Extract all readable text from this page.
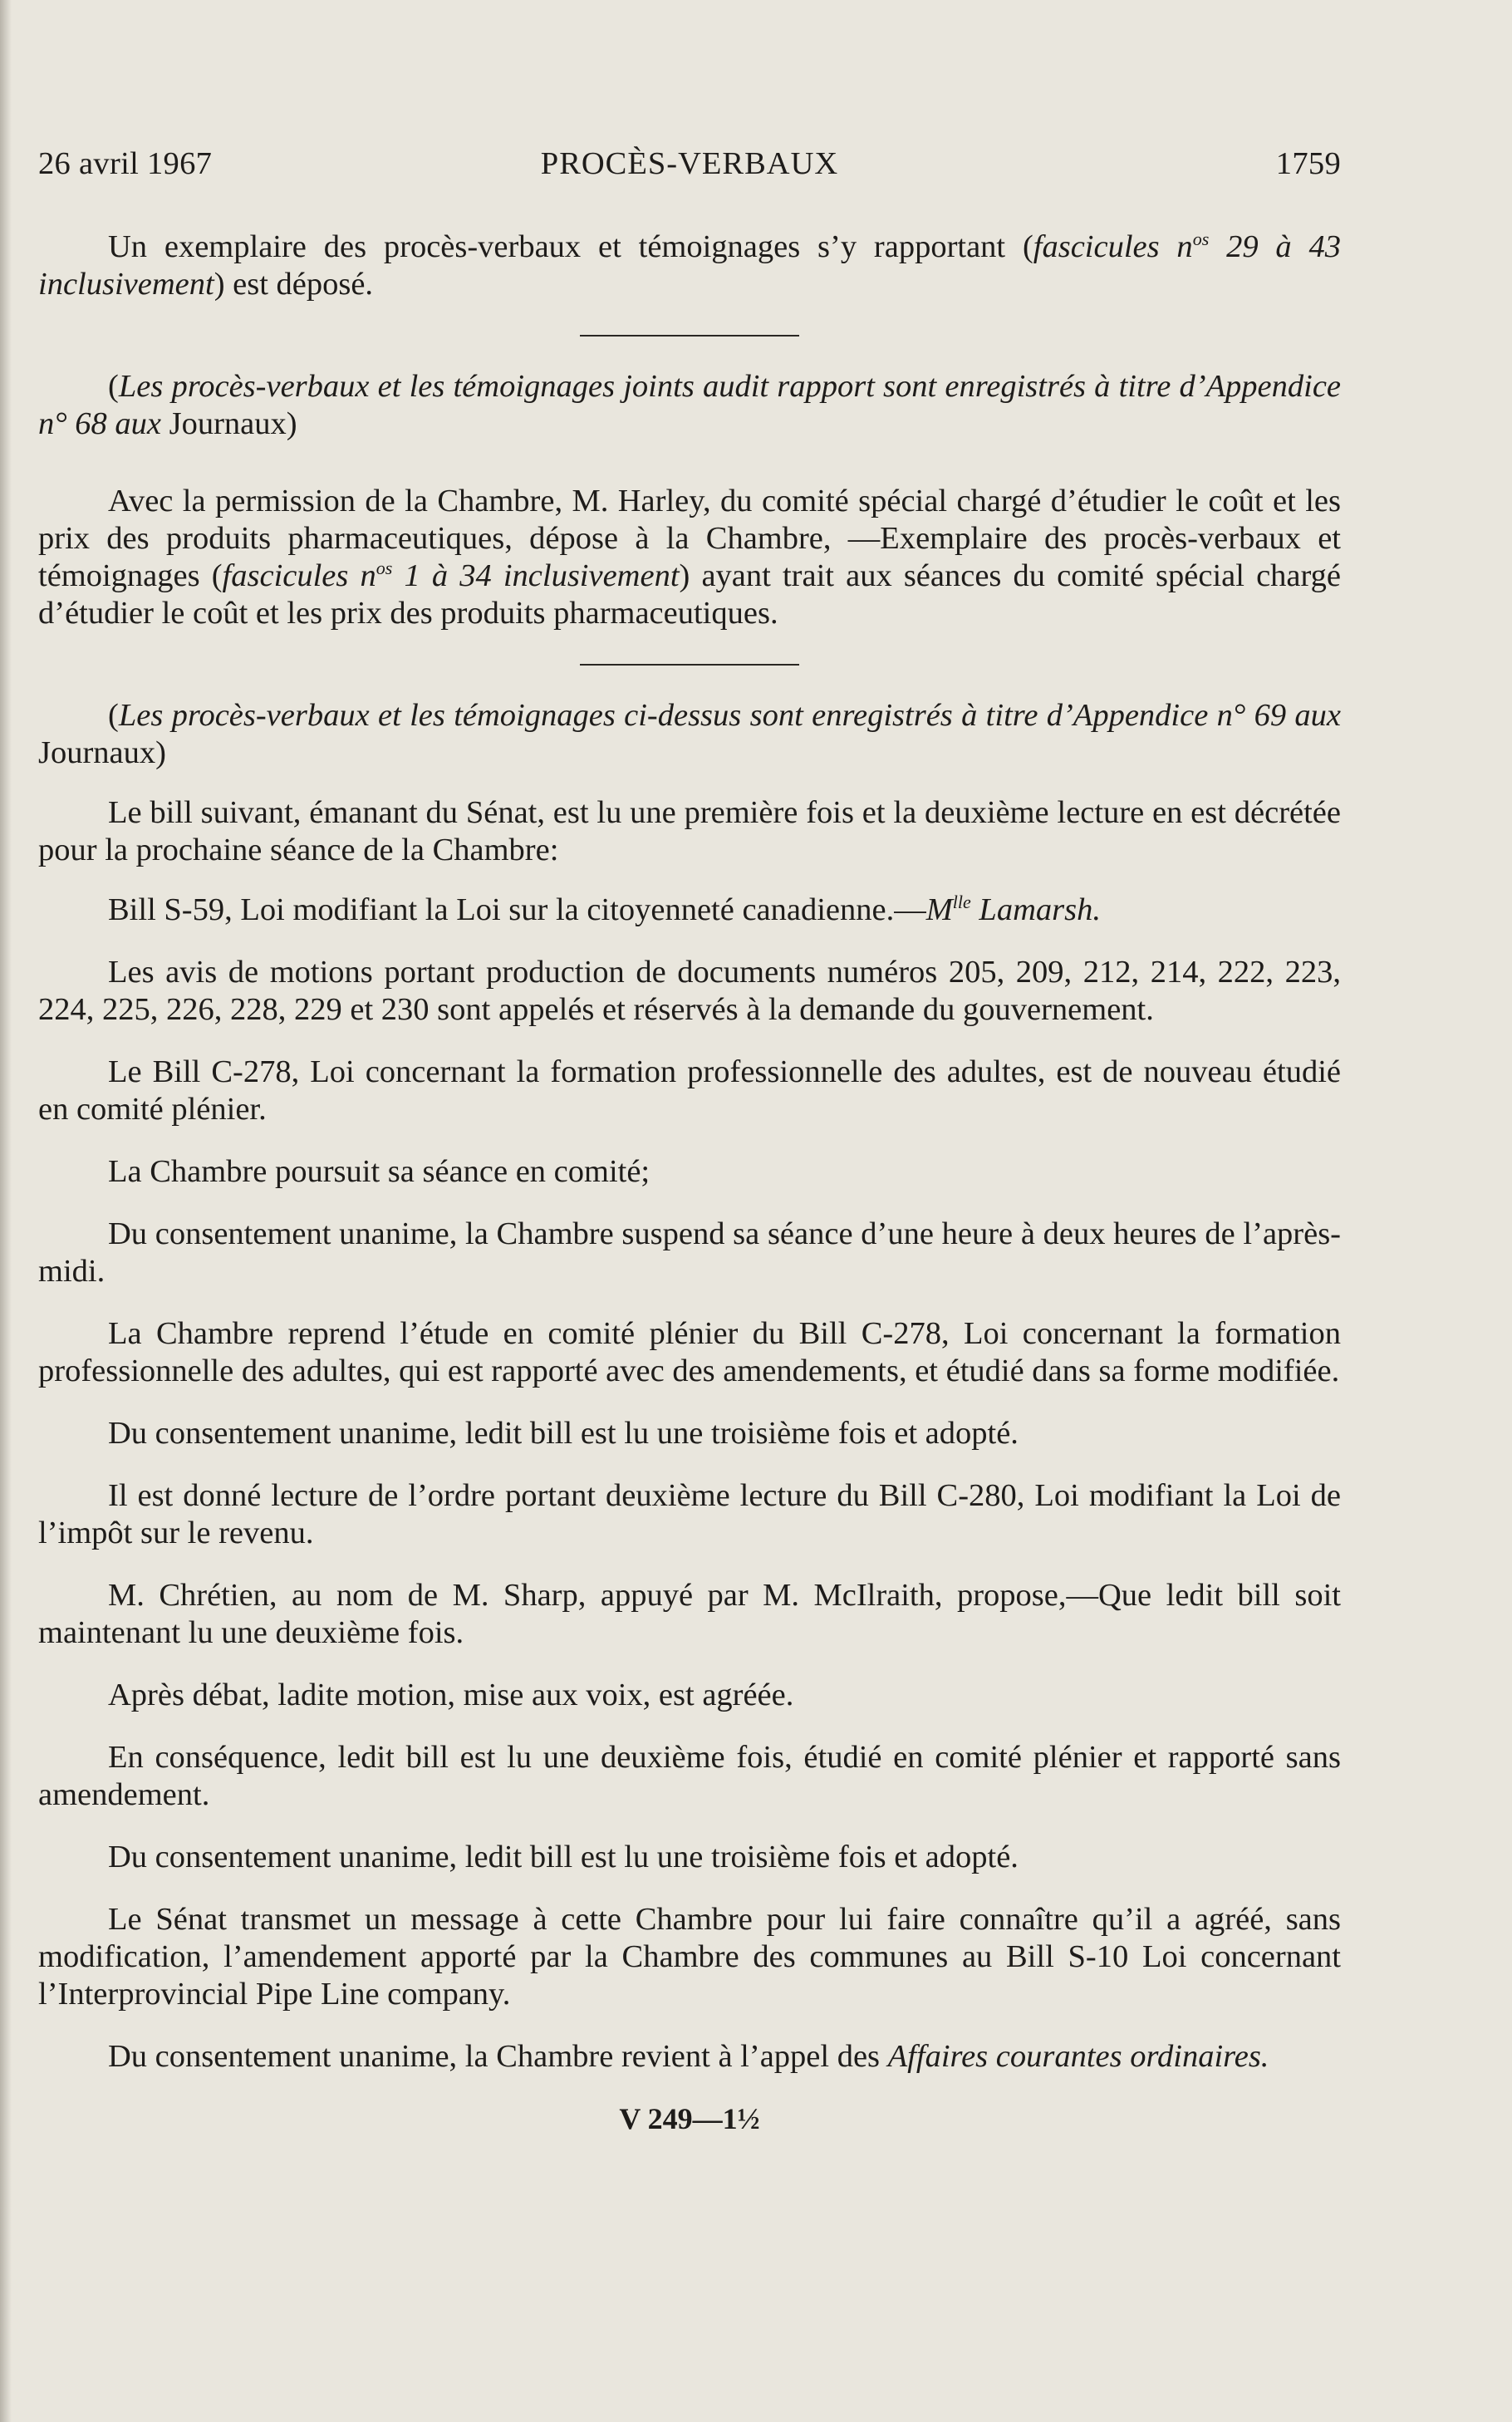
26 avril 1967	PROCÈS-VERBAUX	1759

Un exemplaire des procès-verbaux et témoignages s’y rapportant (fascicules $n^{os}$ 29 à 43 inclusivement) est déposé.

(Les procès-verbaux et les témoignages joints audit rapport sont enregistrés à titre d’Appendice n° 68 aux Journaux)

Avec la permission de la Chambre, M. Harley, du comité spécial chargé d’étudier le coût et les prix des produits pharmaceutiques, dépose à la Chambre, —Exemplaire des procès-verbaux et témoignages (fascicules $n^{os}$ 1 à 34 inclusivement) ayant trait aux séances du comité spécial chargé d’étudier le coût et les prix des produits pharmaceutiques.

(Les procès-verbaux et les témoignages ci-dessus sont enregistrés à titre d’Appendice n° 69 aux Journaux)

Le bill suivant, émanant du Sénat, est lu une première fois et la deuxième lecture en est décrétée pour la prochaine séance de la Chambre:

Bill S-59, Loi modifiant la Loi sur la citoyenneté $canadienne.—M^{lle}$ Lamarsh.

Les avis de motions portant production de documents numéros 205, 209, 212, 214, 222, 223, 224, 225, 226, 228, 229 et 230 sont appelés et réservés à la demande du gouvernement.

Le Bill C-278, Loi concernant la formation professionnelle des adultes, est de nouveau étudié en comité plénier.

La Chambre poursuit sa séance en comité;

Du consentement unanime, la Chambre suspend sa séance d’une heure à deux heures de l’après-midi.

La Chambre reprend l’étude en comité plénier du Bill C-278, Loi concernant la formation professionnelle des adultes, qui est rapporté avec des amendements, et étudié dans sa forme modifiée.

Du consentement unanime, ledit bill est lu une troisième fois et adopté.

Il est donné lecture de l’ordre portant deuxième lecture du Bill C-280, Loi modifiant la Loi de l’impôt sur le revenu.

M. Chrétien, au nom de M. Sharp, appuyé par M. McIlraith, propose,—Que ledit bill soit maintenant lu une deuxième fois.

Après débat, ladite motion, mise aux voix, est agréée.

En conséquence, ledit bill est lu une deuxième fois, étudié en comité plénier et rapporté sans amendement.

Du consentement unanime, ledit bill est lu une troisième fois et adopté.

Le Sénat transmet un message à cette Chambre pour lui faire connaître qu’il a agréé, sans modification, l’amendement apporté par la Chambre des communes au Bill S-10 Loi concernant l’Interprovincial Pipe Line company.

Du consentement unanime, la Chambre revient à l’appel des Affaires courantes ordinaires.

V 249—1½
